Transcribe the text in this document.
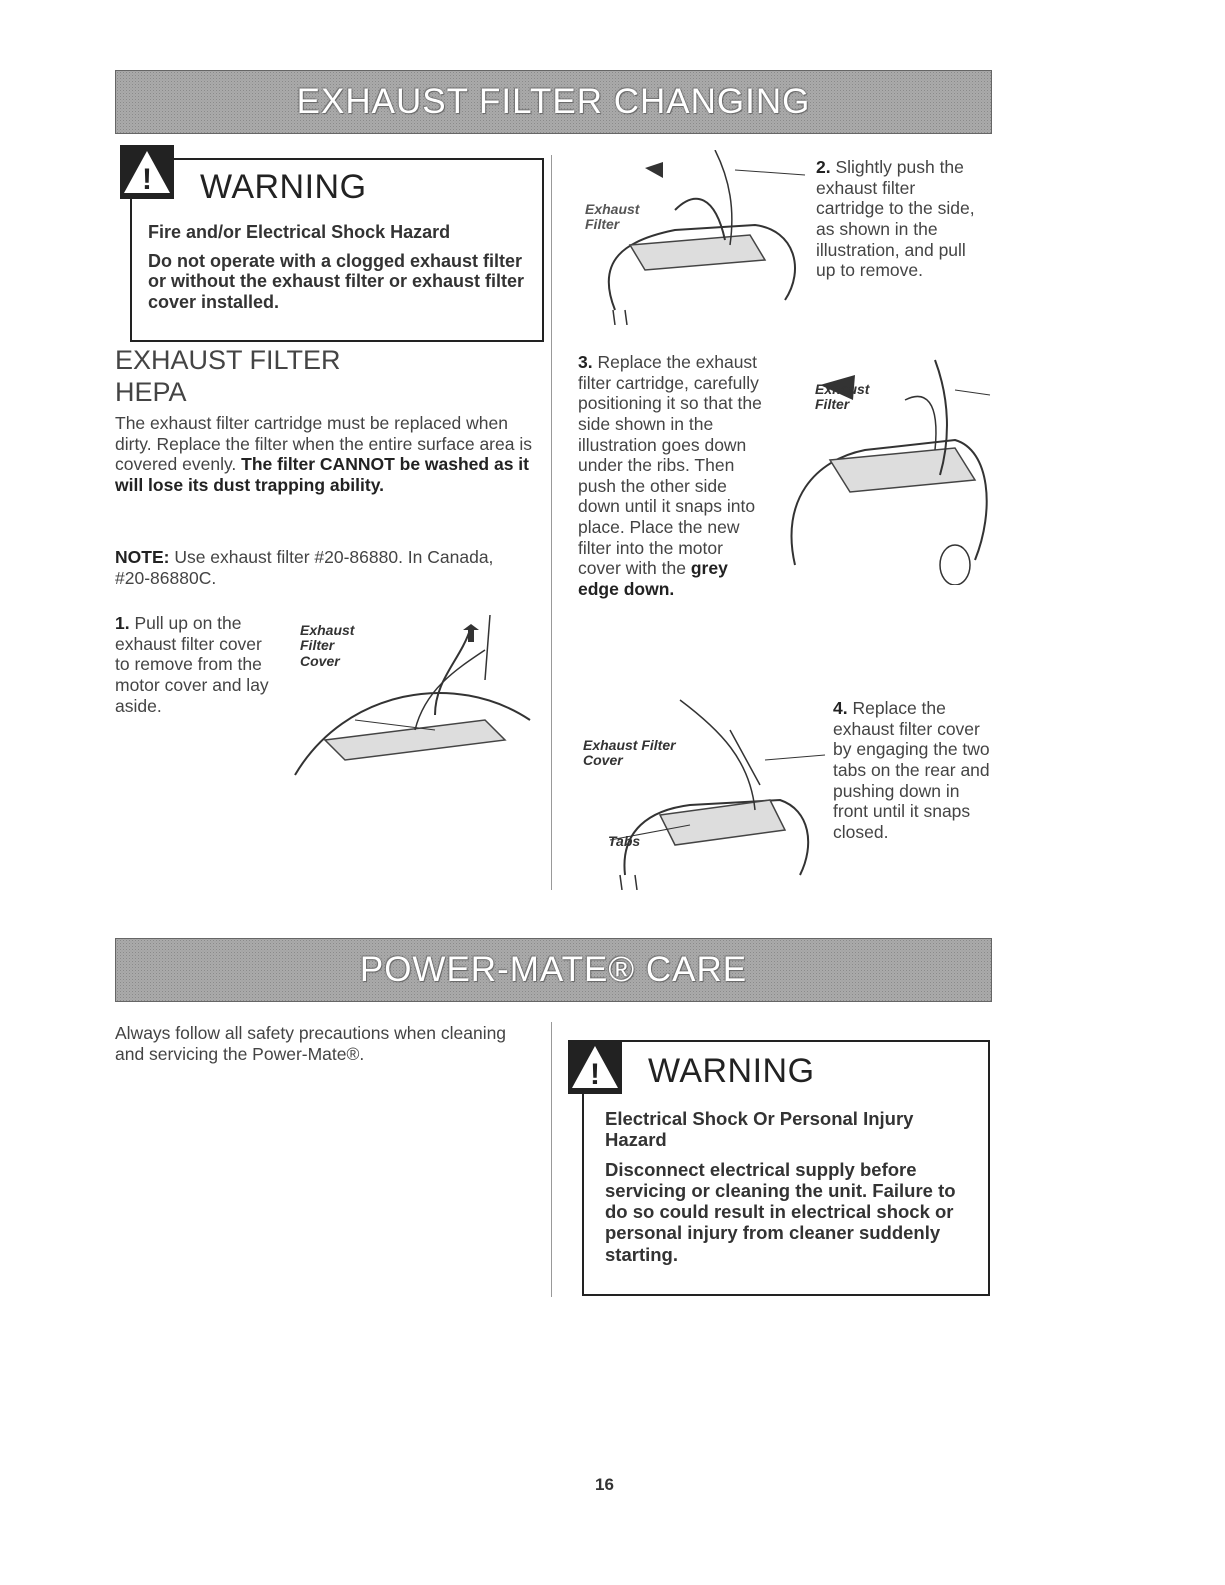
EXHAUST FILTER CHANGING
! WARNING

Fire and/or Electrical Shock Hazard

Do not operate with a clogged exhaust filter or without the exhaust filter or exhaust filter cover installed.

EXHAUST FILTER
HEPA
The exhaust filter cartridge must be replaced when dirty. Replace the filter when the entire surface area is covered evenly. The filter CANNOT be washed as it will lose its dust trapping ability.
NOTE: Use exhaust filter #20-86880. In Canada, #20-86880C.
1. Pull up on the exhaust filter cover to remove from the motor cover and lay aside.
Exhaust Filter Cover
Exhaust Filter
2. Slightly push the exhaust filter cartridge to the side, as shown in the illustration, and pull up to remove.
3. Replace the exhaust filter cartridge, carefully positioning it so that the side shown in the illustration goes down under the ribs. Then push the other side down until it snaps into place. Place the new filter into the motor cover with the grey edge down.
Exhaust Filter
Exhaust Filter Cover
Tabs
4. Replace the exhaust filter cover by engaging the two tabs on the rear and pushing down in front until it snaps closed.
POWER-MATE® CARE
Always follow all safety precautions when cleaning and servicing the Power-Mate®.
! WARNING

Electrical Shock Or Personal Injury Hazard

Disconnect electrical supply before servicing or cleaning the unit. Failure to do so could result in electrical shock or personal injury from cleaner suddenly starting.

16
